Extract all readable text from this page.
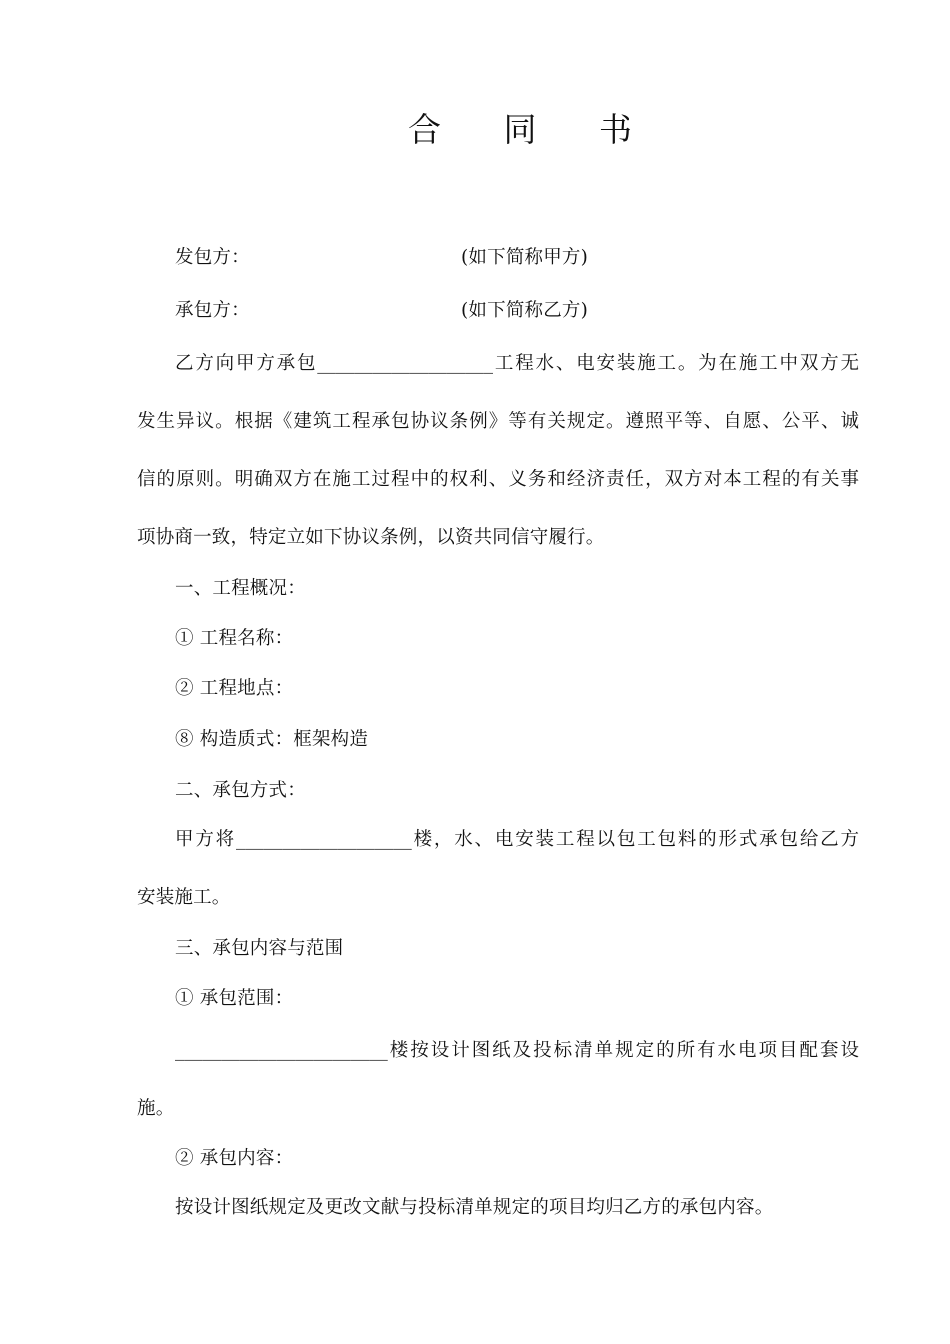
合 同 书
发包方：	(如下简称甲方)
承包方：	(如下简称乙方)
乙方向甲方承包___________________工程水、电安装施工。为在施工中双方无
发生异议。根据《建筑工程承包协议条例》等有关规定。遵照平等、自愿、公平、诚
信的原则。明确双方在施工过程中的权利、义务和经济责任，双方对本工程的有关事
项协商一致，特定立如下协议条例，以资共同信守履行。
一、工程概况：
① 工程名称：
② 工程地点：
⑧ 构造质式：框架构造
二、承包方式：
甲方将___________________楼，水、电安装工程以包工包料的形式承包给乙方
安装施工。
三、承包内容与范围
① 承包范围：
_______________________楼按设计图纸及投标清单规定的所有水电项目配套设
施。
② 承包内容：
按设计图纸规定及更改文献与投标清单规定的项目均归乙方的承包内容。
